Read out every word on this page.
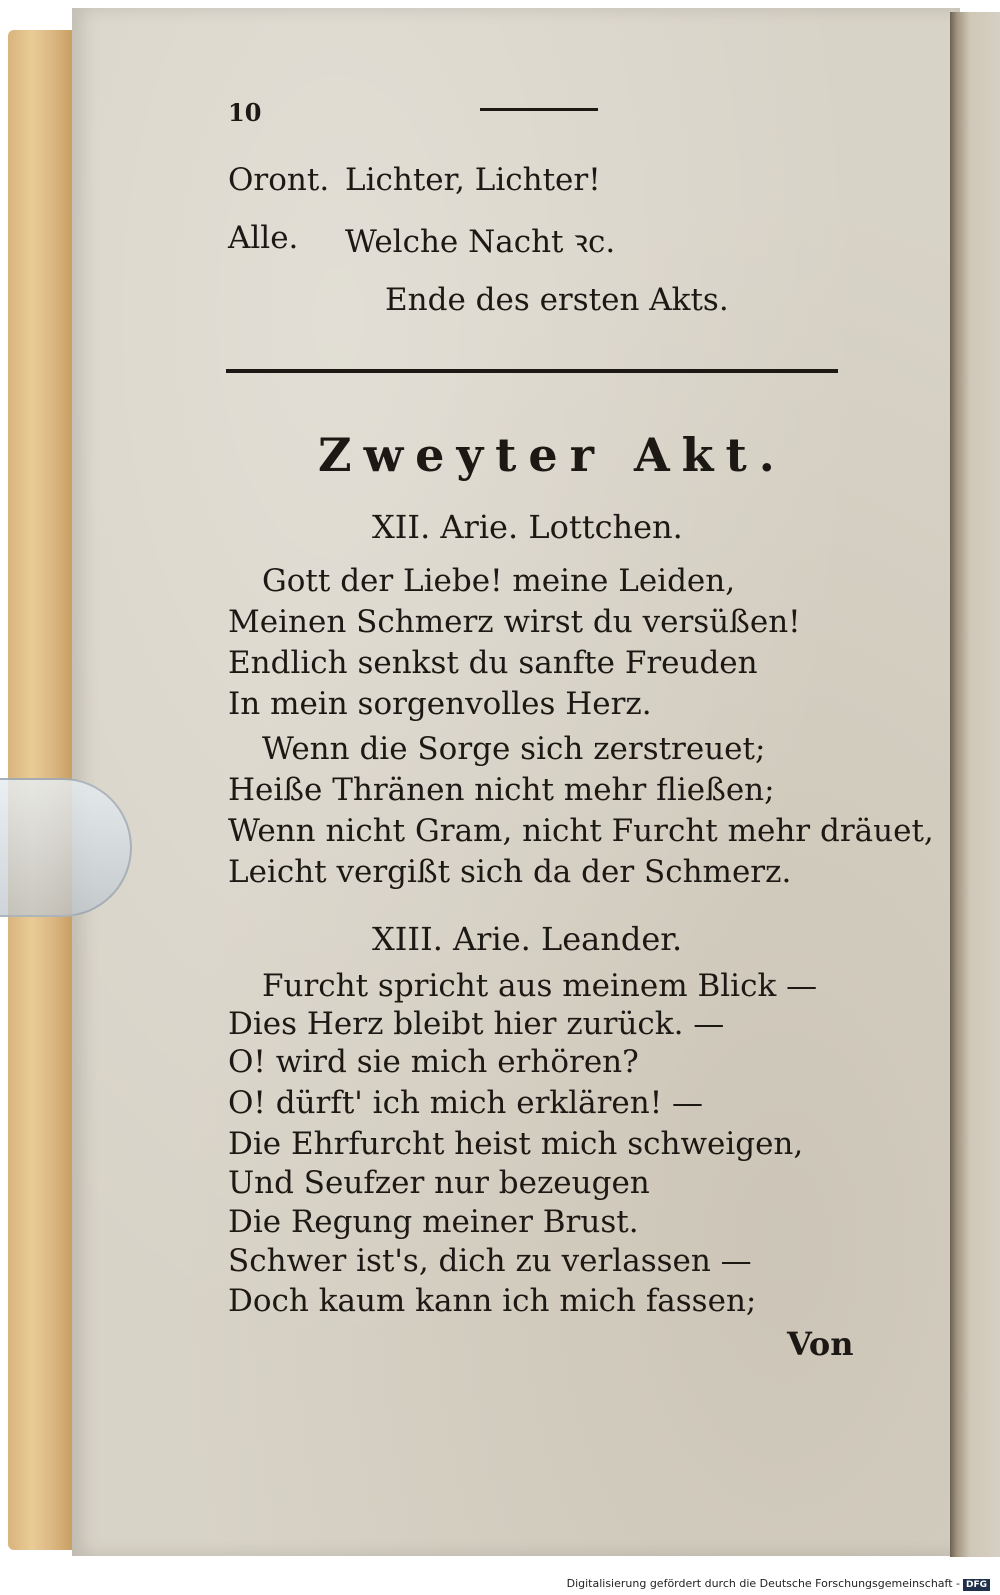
10
Oront. Lichter, Lichter!
Alle. Welche Nacht ꝛc.
Ende des ersten Akts.
Zweyter Akt.
XII. Arie. Lottchen.
Gott der Liebe! meine Leiden,
Meinen Schmerz wirst du versüßen!
Endlich senkst du sanfte Freuden
In mein sorgenvolles Herz.
Wenn die Sorge sich zerstreuet;
Heiße Thränen nicht mehr fließen;
Wenn nicht Gram, nicht Furcht mehr dräuet,
Leicht vergißt sich da der Schmerz.
XIII. Arie. Leander.
Furcht spricht aus meinem Blick —
Dies Herz bleibt hier zurück. —
O! wird sie mich erhören?
O! dürft' ich mich erklären! —
Die Ehrfurcht heist mich schweigen,
Und Seufzer nur bezeugen
Die Regung meiner Brust.
Schwer ist's, dich zu verlassen —
Doch kaum kann ich mich fassen;
Von
Digitalisierung gefördert durch die Deutsche Forschungsgemeinschaft - DFG
